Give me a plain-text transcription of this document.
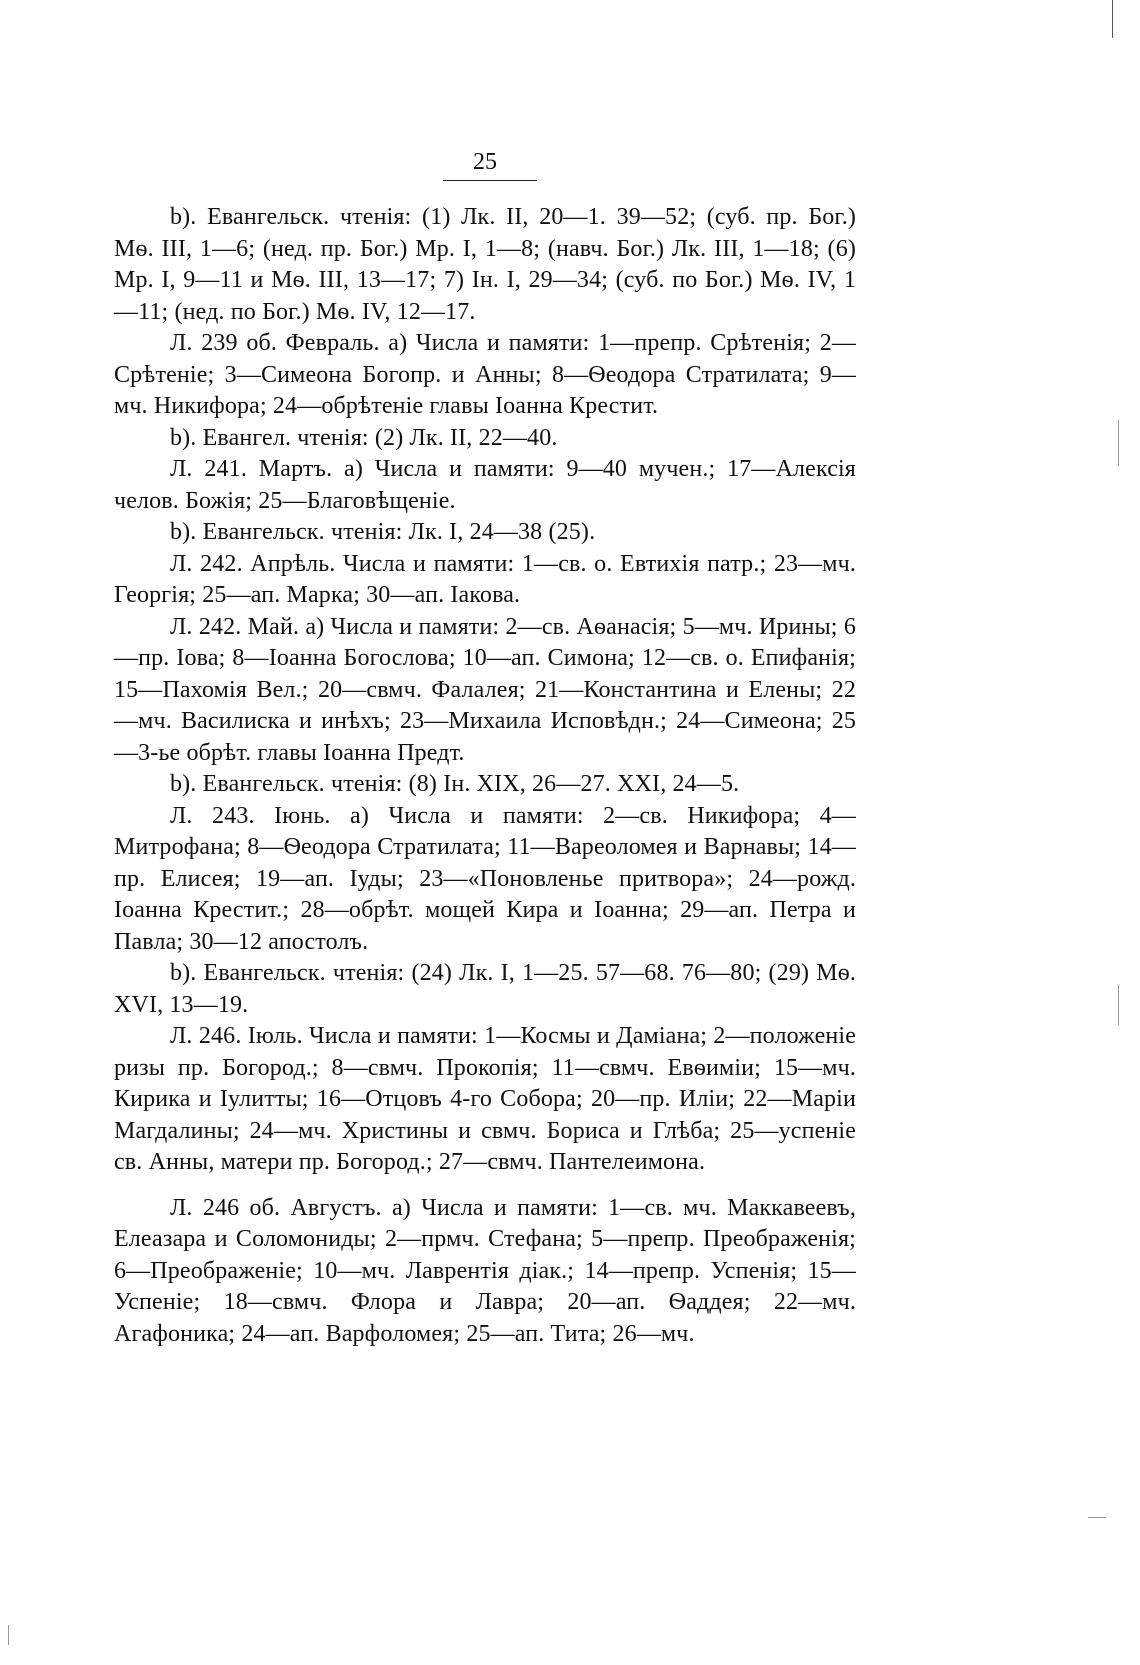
25

b). Евангельск. чтенія: (1) Лк. II, 20—1. 39—52; (суб. пр. Бог.) Мѳ. III, 1—6; (нед. пр. Бог.) Мр. I, 1—8; (навч. Бог.) Лк. III, 1—18; (6) Мр. I, 9—11 и Мѳ. III, 13—17; 7) Ін. I, 29—34; (суб. по Бог.) Мѳ. IV, 1—11; (нед. по Бог.) Мѳ. IV, 12—17.

Л. 239 об. Февраль. а) Числа и памяти: 1—препр. Срѣтенія; 2—Срѣтеніе; 3—Симеона Богопр. и Анны; 8—Ѳеодора Стратилата; 9—мч. Никифора; 24—обрѣтеніе главы Іоанна Крестит.

b). Евангел. чтенія: (2) Лк. II, 22—40.

Л. 241. Мартъ. а) Числа и памяти: 9—40 мучен.; 17—Алексія челов. Божія; 25—Благовѣщеніе.

b). Евангельск. чтенія: Лк. I, 24—38 (25).

Л. 242. Апрѣль. Числа и памяти: 1—св. о. Евтихія патр.; 23—мч. Георгія; 25—ап. Марка; 30—ап. Іакова.

Л. 242. Май. а) Числа и памяти: 2—св. Аѳанасія; 5—мч. Ирины; 6—пр. Іова; 8—Іоанна Богослова; 10—ап. Симона; 12—св. о. Епифанія; 15—Пахомія Вел.; 20—свмч. Фалалея; 21—Константина и Елены; 22—мч. Василиска и инѣхъ; 23—Михаила Исповѣдн.; 24—Симеона; 25—3-ье обрѣт. главы Іоанна Предт.

b). Евангельск. чтенія: (8) Ін. XIX, 26—27. XXI, 24—5.

Л. 243. Іюнь. а) Числа и памяти: 2—св. Никифора; 4—Митрофана; 8—Ѳеодора Стратилата; 11—Вареоломея и Варнавы; 14—пр. Елисея; 19—ап. Іуды; 23—«Поновленье притвора»; 24—рожд. Іоанна Крестит.; 28—обрѣт. мощей Кира и Іоанна; 29—ап. Петра и Павла; 30—12 апостолъ.

b). Евангельск. чтенія: (24) Лк. I, 1—25. 57—68. 76—80; (29) Мѳ. XVI, 13—19.

Л. 246. Іюль. Числа и памяти: 1—Космы и Даміана; 2—положеніе ризы пр. Богород.; 8—свмч. Прокопія; 11—свмч. Евѳиміи; 15—мч. Кирика и Іулитты; 16—Отцовъ 4-го Собора; 20—пр. Иліи; 22—Маріи Магдалины; 24—мч. Христины и свмч. Бориса и Глѣба; 25—успеніе св. Анны, матери пр. Богород.; 27—свмч. Пантелеимона.

Л. 246 об. Августъ. а) Числа и памяти: 1—св. мч. Маккавеевъ, Елеазара и Соломониды; 2—прмч. Стефана; 5—препр. Преображенія; 6—Преображеніе; 10—мч. Лаврентія діак.; 14—препр. Успенія; 15—Успеніе; 18—свмч. Флора и Лавра; 20—ап. Ѳаддея; 22—мч. Агафоника; 24—ап. Варфоломея; 25—ап. Тита; 26—мч.
